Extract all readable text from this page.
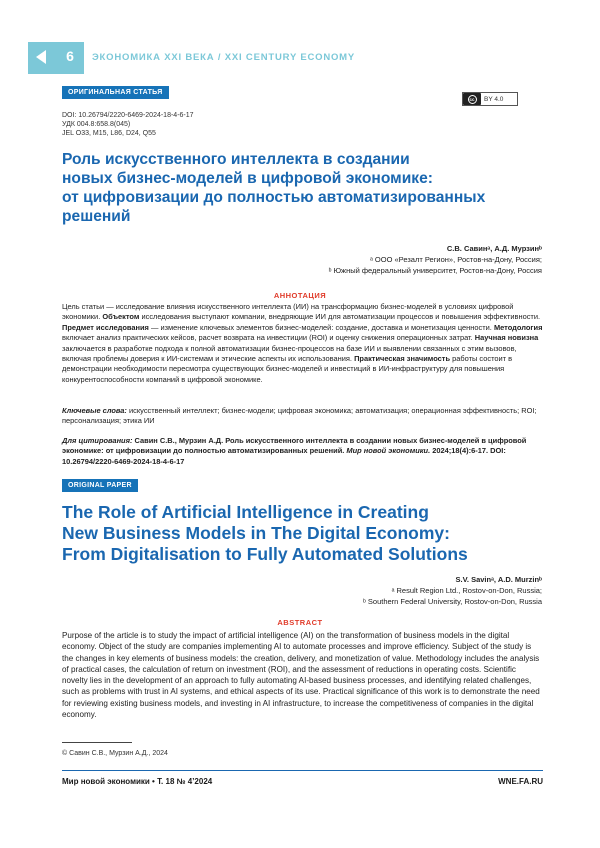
6	ЭКОНОМИКА XXI ВЕКА / XXI CENTURY ECONOMY
ОРИГИНАЛЬНАЯ СТАТЬЯ
cc	BY 4.0
DOI: 10.26794/2220-6469-2024-18-4-6-17
УДК 004.8:658.8(045)
JEL O33, M15, L86, D24, Q55
Роль искусственного интеллекта в создании
новых бизнес-моделей в цифровой экономике:
от цифровизации до полностью автоматизированных
решений
С.В. Савинᵃ, А.Д. Мурзинᵇ
ᵃ ООО «Резалт Регион», Ростов-на-Дону, Россия;
ᵇ Южный федеральный университет, Ростов-на-Дону, Россия
АННОТАЦИЯ
Цель статьи — исследование влияния искусственного интеллекта (ИИ) на трансформацию бизнес-моделей в условиях цифровой экономики. Объектом исследования выступают компании, внедряющие ИИ для автоматизации процессов и повышения эффективности. Предмет исследования — изменение ключевых элементов бизнес-моделей: создание, доставка и монетизация ценности. Методология включает анализ практических кейсов, расчет возврата на инвестиции (ROI) и оценку снижения операционных затрат. Научная новизна заключается в разработке подхода к полной автоматизации бизнес-процессов на базе ИИ и выявлении связанных с этим вызовов, включая проблемы доверия к ИИ-системам и этические аспекты их использования. Практическая значимость работы состоит в демонстрации необходимости пересмотра существующих бизнес-моделей и инвестиций в ИИ-инфраструктуру для повышения конкурентоспособности компаний в цифровой экономике.
Ключевые слова: искусственный интеллект; бизнес-модели; цифровая экономика; автоматизация; операционная эффективность; ROI; персонализация; этика ИИ
Для цитирования: Савин С.В., Мурзин А.Д. Роль искусственного интеллекта в создании новых бизнес-моделей в цифровой экономике: от цифровизации до полностью автоматизированных решений. Мир новой экономики. 2024;18(4):6-17. DOI: 10.26794/2220-6469-2024-18-4-6-17
ORIGINAL PAPER
The Role of Artificial Intelligence in Creating
New Business Models in The Digital Economy:
From Digitalisation to Fully Automated Solutions
S.V. Savinᵃ, A.D. Murzinᵇ
ᵃ Result Region Ltd., Rostov-on-Don, Russia;
ᵇ Southern Federal University, Rostov-on-Don, Russia
ABSTRACT
Purpose of the article is to study the impact of artificial intelligence (AI) on the transformation of business models in the digital economy. Object of the study are companies implementing AI to automate processes and improve efficiency. Subject of the study is the changes in key elements of business models: the creation, delivery, and monetization of value. Methodology includes the analysis of practical cases, the calculation of return on investment (ROI), and the assessment of reductions in operating costs. Scientific novelty lies in the development of an approach to fully automating AI-based business processes, and identifying related challenges, such as problems with trust in AI systems, and ethical aspects of its use. Practical significance of this work is to demonstrate the need for reviewing existing business models, and investing in AI infrastructure, to increase the competitiveness of companies in the digital economy.
© Савин С.В., Мурзин А.Д., 2024
Мир новой экономики • Т. 18 № 4’2024	WNE.FA.RU
